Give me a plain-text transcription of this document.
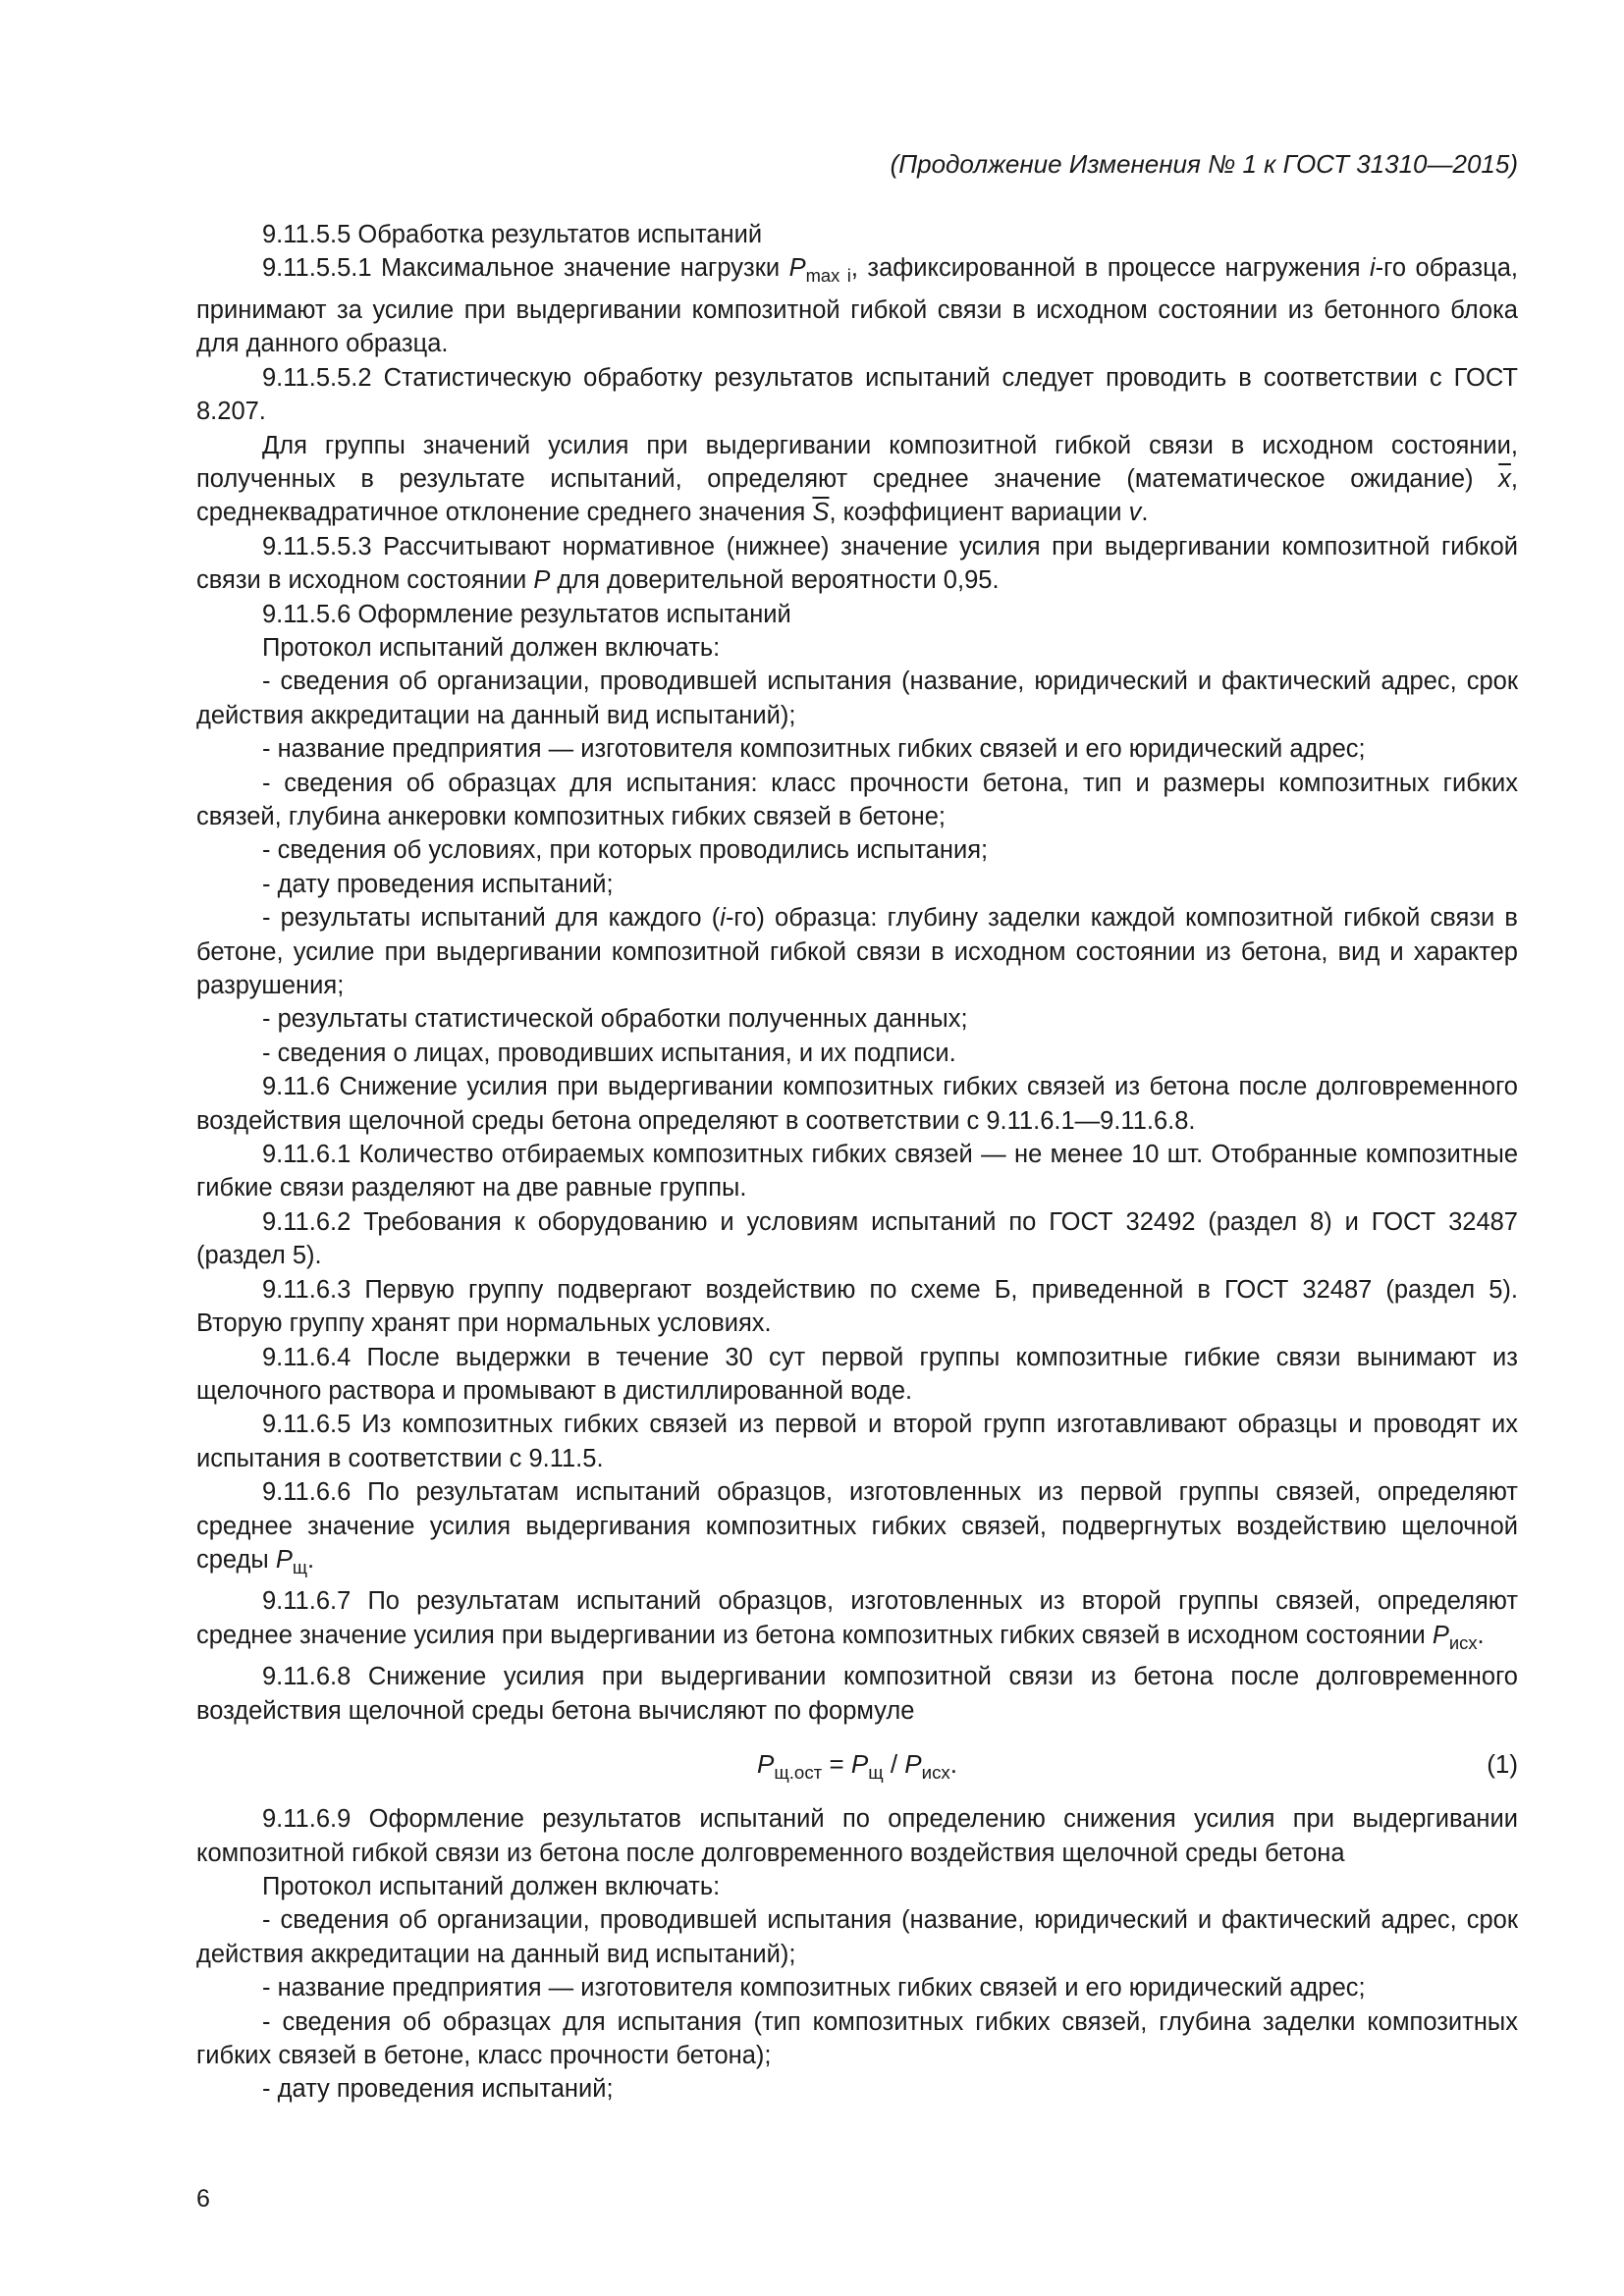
(Продолжение Изменения № 1 к ГОСТ 31310—2015)

9.11.5.5 Обработка результатов испытаний

9.11.5.5.1 Максимальное значение нагрузки $P_{max i}$, зафиксированной в процессе нагружения i-го образца, принимают за усилие при выдергивании композитной гибкой связи в исходном состоянии из бетонного блока для данного образца.

9.11.5.5.2 Статистическую обработку результатов испытаний следует проводить в соответствии с ГОСТ 8.207.

Для группы значений усилия при выдергивании композитной гибкой связи в исходном состоянии, полученных в результате испытаний, определяют среднее значение (математическое ожидание) $\overline{x}$, среднеквадратичное отклонение среднего значения $\overline{S}$, коэффициент вариации v.

9.11.5.5.3 Рассчитывают нормативное (нижнее) значение усилия при выдергивании композитной гибкой связи в исходном состоянии P для доверительной вероятности 0,95.

9.11.5.6 Оформление результатов испытаний

Протокол испытаний должен включать:

- сведения об организации, проводившей испытания (название, юридический и фактический адрес, срок действия аккредитации на данный вид испытаний);

- название предприятия — изготовителя композитных гибких связей и его юридический адрес;

- сведения об образцах для испытания: класс прочности бетона, тип и размеры композитных гибких связей, глубина анкеровки композитных гибких связей в бетоне;

- сведения об условиях, при которых проводились испытания;

- дату проведения испытаний;

- результаты испытаний для каждого (i-го) образца: глубину заделки каждой композитной гибкой связи в бетоне, усилие при выдергивании композитной гибкой связи в исходном состоянии из бетона, вид и характер разрушения;

- результаты статистической обработки полученных данных;

- сведения о лицах, проводивших испытания, и их подписи.

9.11.6 Снижение усилия при выдергивании композитных гибких связей из бетона после долговременного воздействия щелочной среды бетона определяют в соответствии с 9.11.6.1—9.11.6.8.

9.11.6.1 Количество отбираемых композитных гибких связей — не менее 10 шт. Отобранные композитные гибкие связи разделяют на две равные группы.

9.11.6.2 Требования к оборудованию и условиям испытаний по ГОСТ 32492 (раздел 8) и ГОСТ 32487 (раздел 5).

9.11.6.3 Первую группу подвергают воздействию по схеме Б, приведенной в ГОСТ 32487 (раздел 5). Вторую группу хранят при нормальных условиях.

9.11.6.4 После выдержки в течение 30 сут первой группы композитные гибкие связи вынимают из щелочного раствора и промывают в дистиллированной воде.

9.11.6.5 Из композитных гибких связей из первой и второй групп изготавливают образцы и проводят их испытания в соответствии с 9.11.5.

9.11.6.6 По результатам испытаний образцов, изготовленных из первой группы связей, определяют среднее значение усилия выдергивания композитных гибких связей, подвергнутых воздействию щелочной среды $P_щ$.

9.11.6.7 По результатам испытаний образцов, изготовленных из второй группы связей, определяют среднее значение усилия при выдергивании из бетона композитных гибких связей в исходном состоянии $P_{исх}$.

9.11.6.8 Снижение усилия при выдергивании композитной связи из бетона после долговременного воздействия щелочной среды бетона вычисляют по формуле

$P_{щ.ост} = P_щ / P_{исх}$.	(1)

9.11.6.9 Оформление результатов испытаний по определению снижения усилия при выдергивании композитной гибкой связи из бетона после долговременного воздействия щелочной среды бетона

Протокол испытаний должен включать:

- сведения об организации, проводившей испытания (название, юридический и фактический адрес, срок действия аккредитации на данный вид испытаний);

- название предприятия — изготовителя композитных гибких связей и его юридический адрес;

- сведения об образцах для испытания (тип композитных гибких связей, глубина заделки композитных гибких связей в бетоне, класс прочности бетона);

- дату проведения испытаний;

6
